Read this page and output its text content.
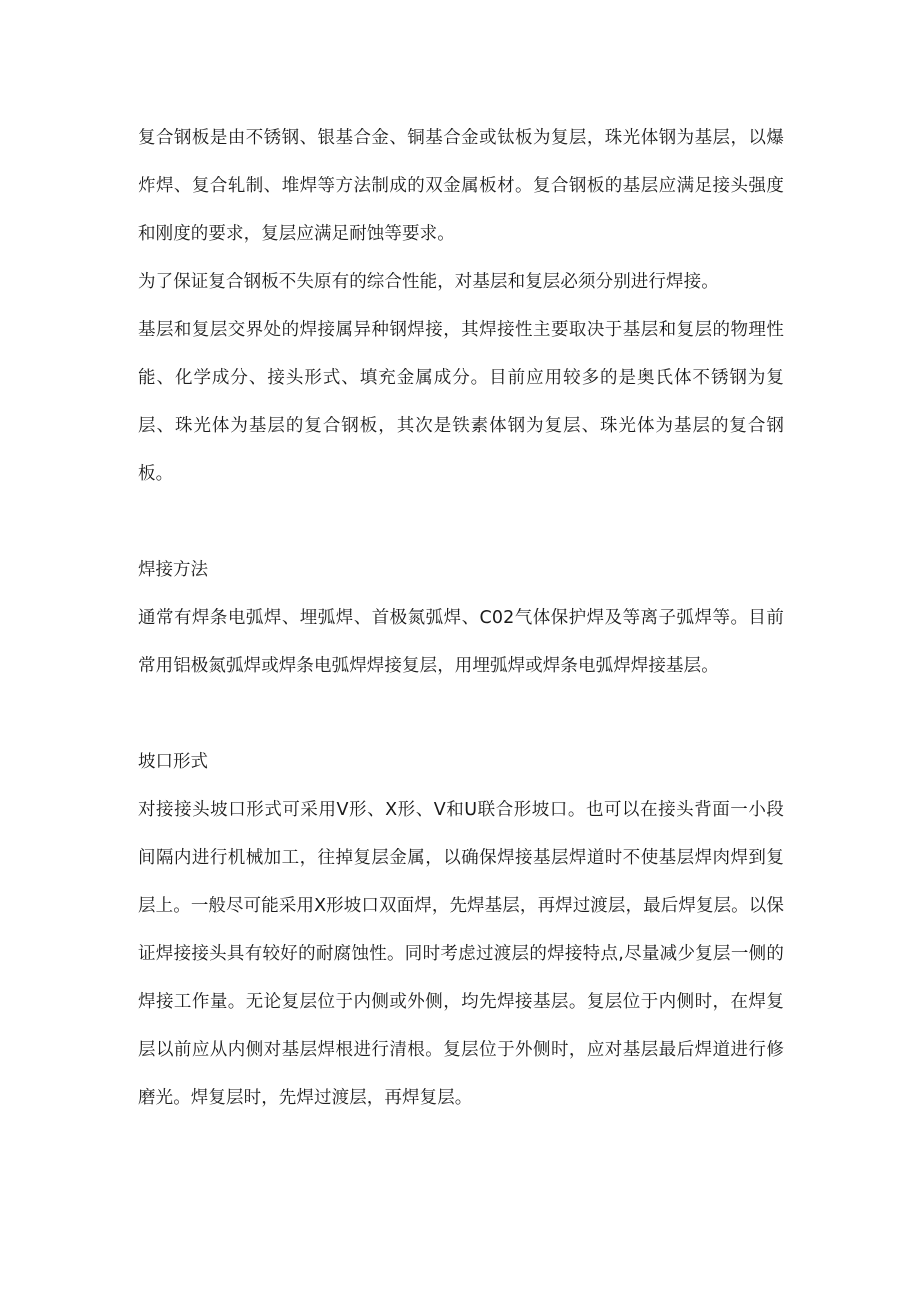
复合钢板是由不锈钢、银基合金、铜基合金或钛板为复层，珠光体钢为基层，以爆炸焊、复合轧制、堆焊等方法制成的双金属板材。复合钢板的基层应满足接头强度和刚度的要求，复层应满足耐蚀等要求。

为了保证复合钢板不失原有的综合性能，对基层和复层必须分别进行焊接。

基层和复层交界处的焊接属异种钢焊接，其焊接性主要取决于基层和复层的物理性能、化学成分、接头形式、填充金属成分。目前应用较多的是奥氏体不锈钢为复层、珠光体为基层的复合钢板，其次是铁素体钢为复层、珠光体为基层的复合钢板。

焊接方法

通常有焊条电弧焊、埋弧焊、首极氮弧焊、C02气体保护焊及等离子弧焊等。目前常用铝极氮弧焊或焊条电弧焊焊接复层，用埋弧焊或焊条电弧焊焊接基层。

坡口形式

对接接头坡口形式可采用V形、X形、V和U联合形坡口。也可以在接头背面一小段间隔内进行机械加工，往掉复层金属，以确保焊接基层焊道时不使基层焊肉焊到复层上。一般尽可能采用X形坡口双面焊，先焊基层，再焊过渡层，最后焊复层。以保证焊接接头具有较好的耐腐蚀性。同时考虑过渡层的焊接特点,尽量减少复层一侧的焊接工作量。无论复层位于内侧或外侧，均先焊接基层。复层位于内侧时，在焊复层以前应从内侧对基层焊根进行清根。复层位于外侧时，应对基层最后焊道进行修磨光。焊复层时，先焊过渡层，再焊复层。
